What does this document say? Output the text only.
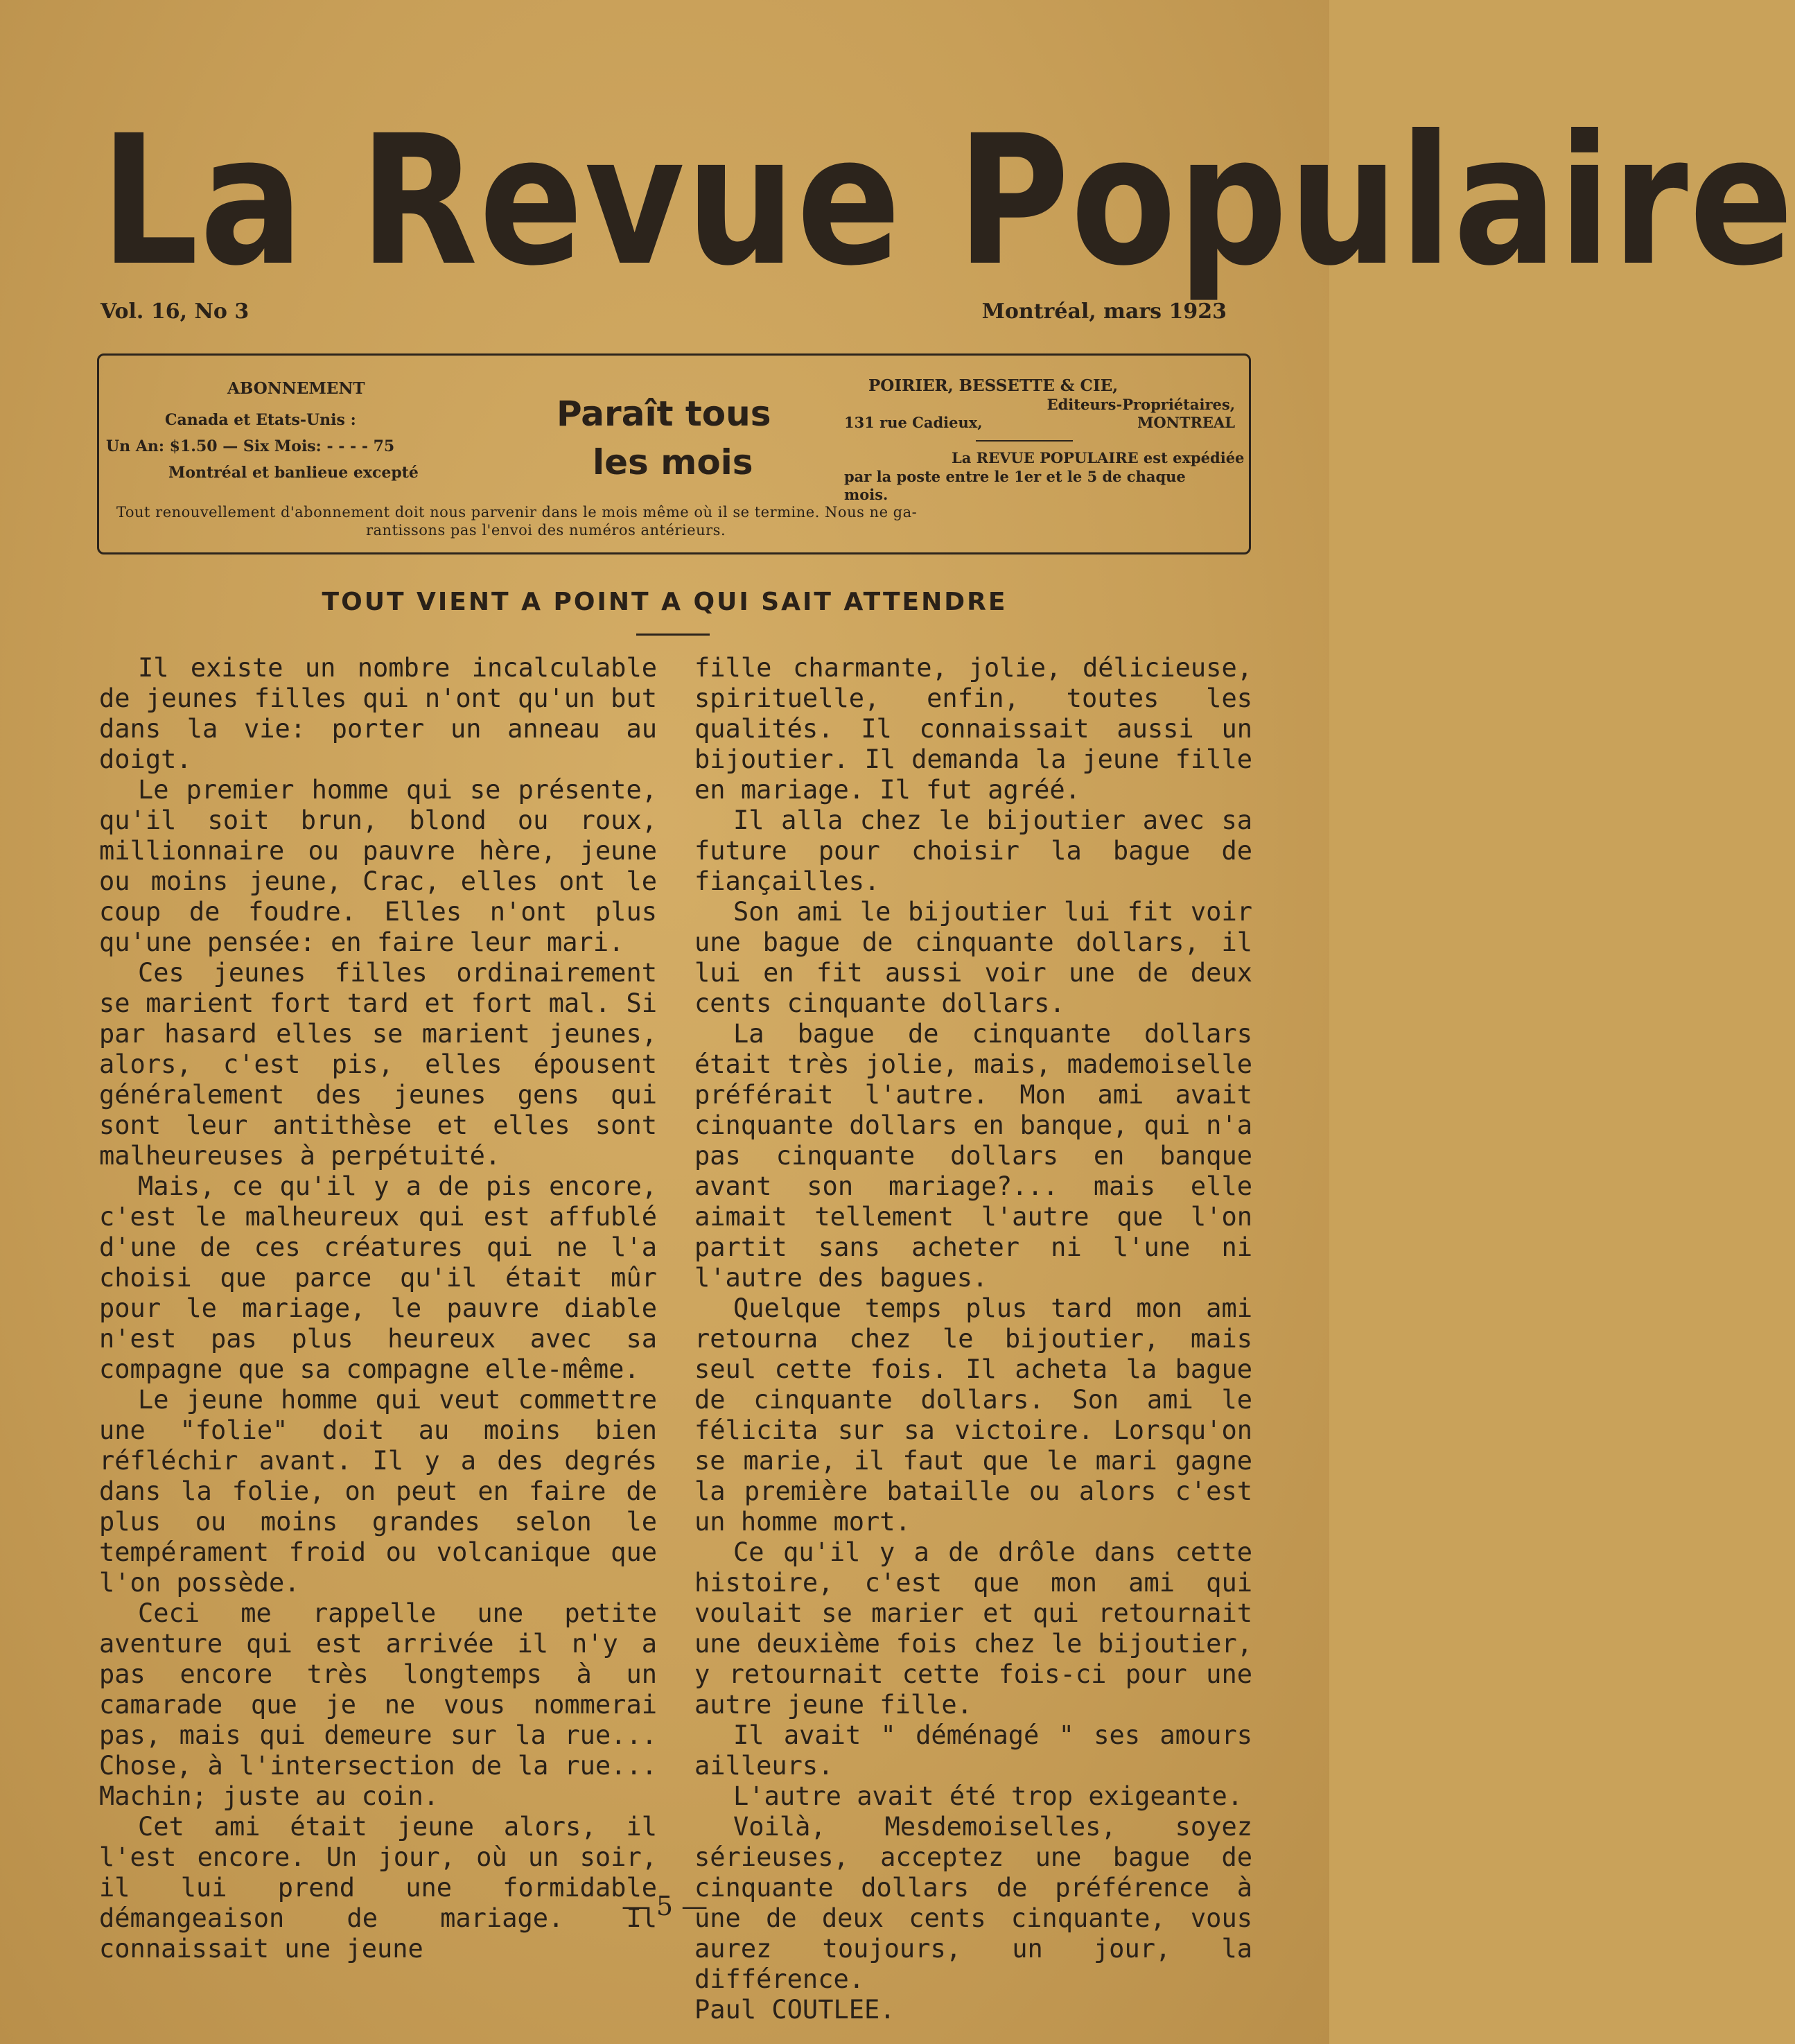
La Revue Populaire
Vol. 16, No 3	Montréal, mars 1923
ABONNEMENT
Canada et Etats-Unis :
Un An: $1.50 — Six Mois: - - - - 75
Montréal et banlieue excepté
Paraît tous
les mois
POIRIER, BESSETTE & CIE,
Editeurs-Propriétaires,
131 rue Cadieux,	MONTREAL
La REVUE POPULAIRE est expédiée
par la poste entre le 1er et le 5 de chaque
mois.
Tout renouvellement d'abonnement doit nous parvenir dans le mois même où il se termine. Nous ne ga-
rantissons pas l'envoi des numéros antérieurs.
TOUT VIENT A POINT A QUI SAIT ATTENDRE

Il existe un nombre incalculable de jeunes filles qui n'ont qu'un but dans la vie: porter un anneau au doigt.

Le premier homme qui se présente, qu'il soit brun, blond ou roux, millionnaire ou pauvre hère, jeune ou moins jeune, Crac, elles ont le coup de foudre. Elles n'ont plus qu'une pensée: en faire leur mari.

Ces jeunes filles ordinairement se marient fort tard et fort mal. Si par hasard elles se marient jeunes, alors, c'est pis, elles épousent généralement des jeunes gens qui sont leur antithèse et elles sont malheureuses à perpétuité.

Mais, ce qu'il y a de pis encore, c'est le malheureux qui est affublé d'une de ces créatures qui ne l'a choisi que parce qu'il était mûr pour le mariage, le pauvre diable n'est pas plus heureux avec sa compagne que sa compagne elle-même.

Le jeune homme qui veut commettre une "folie" doit au moins bien réfléchir avant. Il y a des degrés dans la folie, on peut en faire de plus ou moins grandes selon le tempérament froid ou volcanique que l'on possède.

Ceci me rappelle une petite aventure qui est arrivée il n'y a pas encore très longtemps à un camarade que je ne vous nommerai pas, mais qui demeure sur la rue... Chose, à l'intersection de la rue... Machin; juste au coin.

Cet ami était jeune alors, il l'est encore. Un jour, où un soir, il lui prend une formidable démangeaison de mariage. Il connaissait une jeune

fille charmante, jolie, délicieuse, spirituelle, enfin, toutes les qualités. Il connaissait aussi un bijoutier. Il demanda la jeune fille en mariage. Il fut agréé.

Il alla chez le bijoutier avec sa future pour choisir la bague de fiançailles.

Son ami le bijoutier lui fit voir une bague de cinquante dollars, il lui en fit aussi voir une de deux cents cinquante dollars.

La bague de cinquante dollars était très jolie, mais, mademoiselle préférait l'autre. Mon ami avait cinquante dollars en banque, qui n'a pas cinquante dollars en banque avant son mariage?... mais elle aimait tellement l'autre que l'on partit sans acheter ni l'une ni l'autre des bagues.

Quelque temps plus tard mon ami retourna chez le bijoutier, mais seul cette fois. Il acheta la bague de cinquante dollars. Son ami le félicita sur sa victoire. Lorsqu'on se marie, il faut que le mari gagne la première bataille ou alors c'est un homme mort.

Ce qu'il y a de drôle dans cette histoire, c'est que mon ami qui voulait se marier et qui retournait une deuxième fois chez le bijoutier, y retournait cette fois-ci pour une autre jeune fille.

Il avait " déménagé " ses amours ailleurs.

L'autre avait été trop exigeante.

Voilà, Mesdemoiselles, soyez sérieuses, acceptez une bague de cinquante dollars de préférence à une de deux cents cinquante, vous aurez toujours, un jour, la différence.

Paul COUTLEE.

— 5 —
